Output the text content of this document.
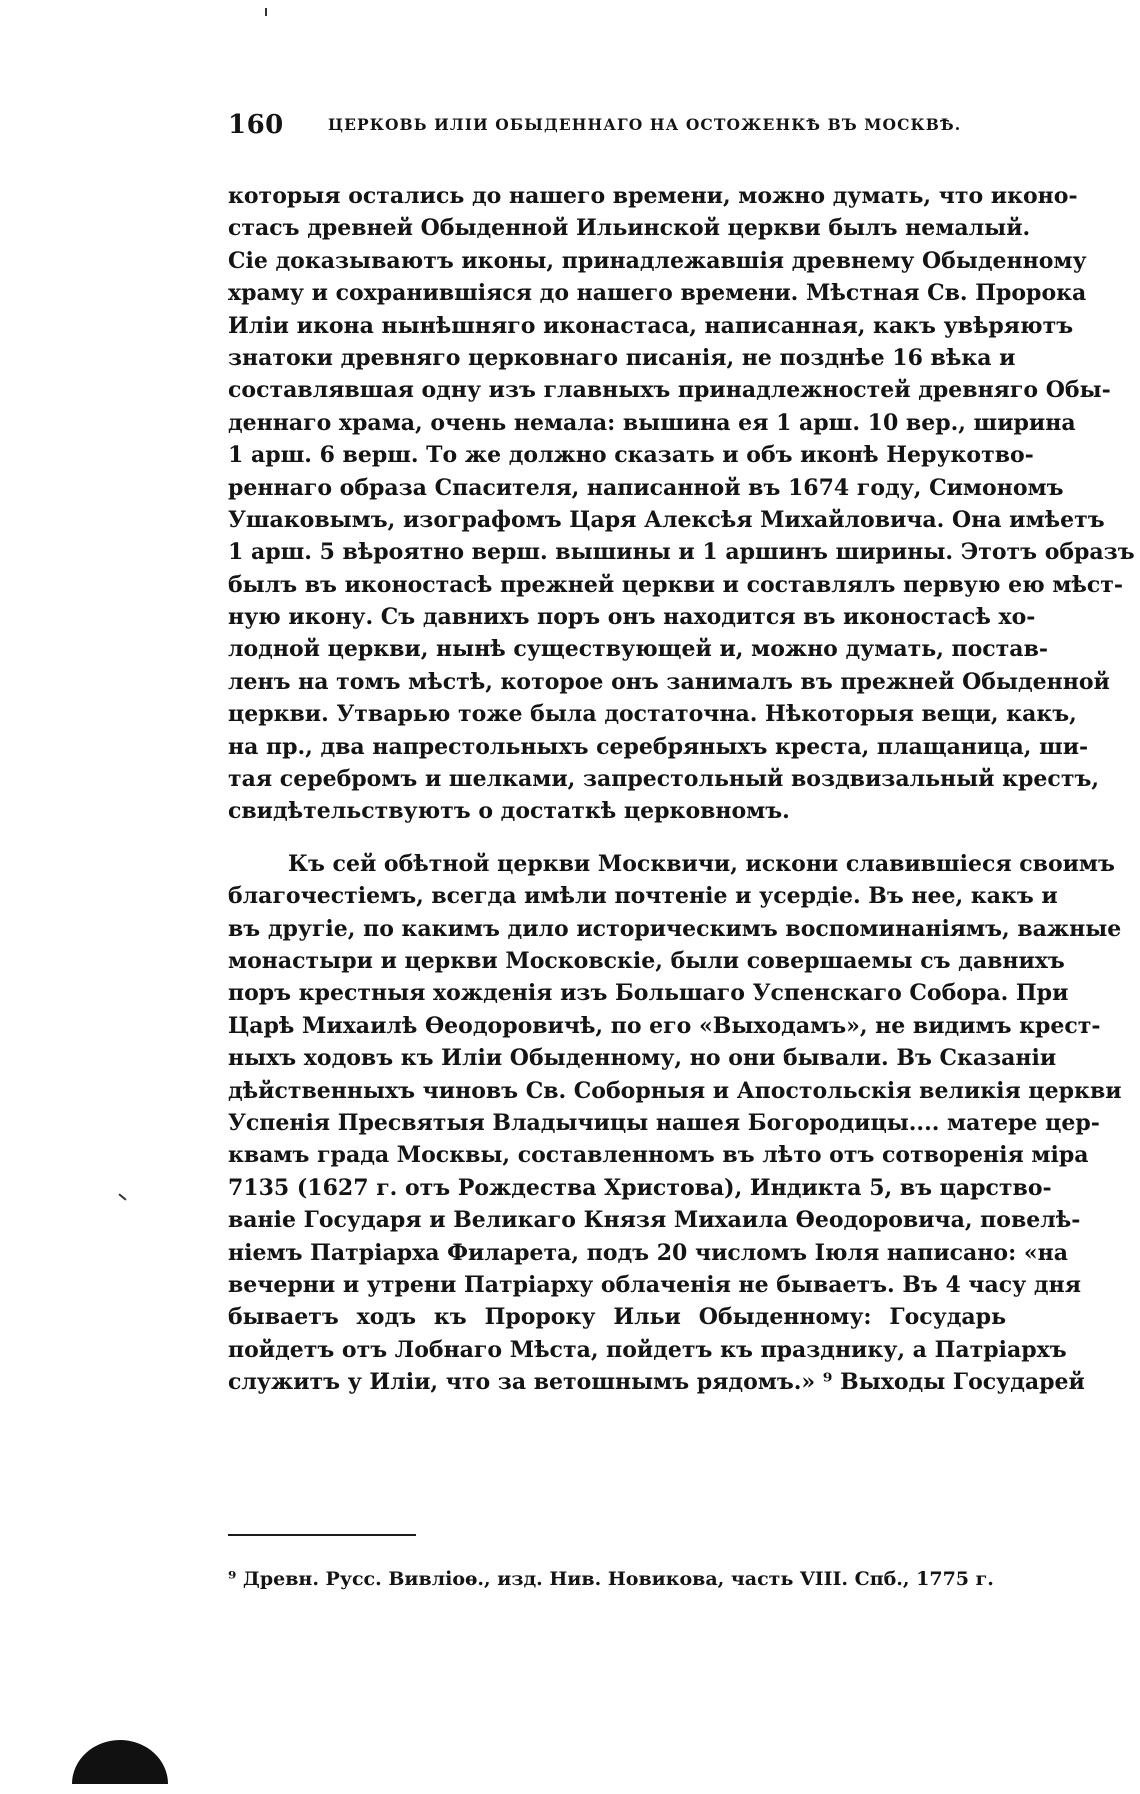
160	ЦЕРКОВЬ ИЛІИ ОБЫДЕННАГО НА ОСТОЖЕНКѢ ВЪ МОСКВѢ.
которыя остались до нашего времени, можно думать, что иконо-
стасъ древней Обыденной Ильинской церкви былъ немалый.
Сіе доказываютъ иконы, принадлежавшія древнему Обыденному
храму и сохранившіяся до нашего времени. Мѣстная Св. Пророка
Иліи икона нынѣшняго иконастаса, написанная, какъ увѣряютъ
знатоки древняго церковнаго писанія, не позднѣе 16 вѣка и
составлявшая одну изъ главныхъ принадлежностей древняго Обы-
деннаго храма, очень немала: вышина ея 1 арш. 10 вер., ширина
1 арш. 6 верш. То же должно сказать и объ иконѣ Нерукотво-
реннаго образа Спасителя, написанной въ 1674 году, Симономъ
Ушаковымъ, изографомъ Царя Алексѣя Михайловича. Она имѣетъ
1 арш. 5 вѣроятно верш. вышины и 1 аршинъ ширины. Этотъ образъ
былъ въ иконостасѣ прежней церкви и составлялъ первую ею мѣст-
ную икону. Съ давнихъ поръ онъ находится въ иконостасѣ хо-
лодной церкви, нынѣ существующей и, можно думать, постав-
ленъ на томъ мѣстѣ, которое онъ занималъ въ прежней Обыденной
церкви. Утварью тоже была достаточна. Нѣкоторыя вещи, какъ,
на пр., два напрестольныхъ серебряныхъ креста, плащаница, ши-
тая серебромъ и шелками, запрестольный воздвизальный крестъ,
свидѣтельствуютъ о достаткѣ церковномъ.
Къ сей обѣтной церкви Москвичи, искони славившіеся своимъ
благочестіемъ, всегда имѣли почтеніе и усердіе. Въ нее, какъ и
въ другіе, по какимъ дило историческимъ воспоминаніямъ, важные
монастыри и церкви Московскіе, были совершаемы съ давнихъ
поръ крестныя хожденія изъ Большаго Успенскаго Собора. При
Царѣ Михаилѣ Ѳеодоровичѣ, по его «Выходамъ», не видимъ крест-
ныхъ ходовъ къ Иліи Обыденному, но они бывали. Въ Сказаніи
дѣйственныхъ чиновъ Св. Соборныя и Апостольскія великія церкви
Успенія Пресвятыя Владычицы нашея Богородицы.... матере цер-
квамъ града Москвы, составленномъ въ лѣто отъ сотворенія міра
7135 (1627 г. отъ Рождества Христова), Индикта 5, въ царство-
ваніе Государя и Великаго Князя Михаила Ѳеодоровича, повелѣ-
ніемъ Патріарха Филарета, подъ 20 числомъ Іюля написано: «на
вечерни и утрени Патріарху облаченія не бываетъ. Въ 4 часу дня
бываетъ ходъ къ Пророку Ильи Обыденному: Государь
пойдетъ отъ Лобнаго Мѣста, пойдетъ къ празднику, а Патріархъ
служитъ у Иліи, что за ветошнымъ рядомъ.» ⁹ Выходы Государей
⁹ Древн. Русс. Вивліоѳ., изд. Нив. Новикова, часть VIII. Спб., 1775 г.
